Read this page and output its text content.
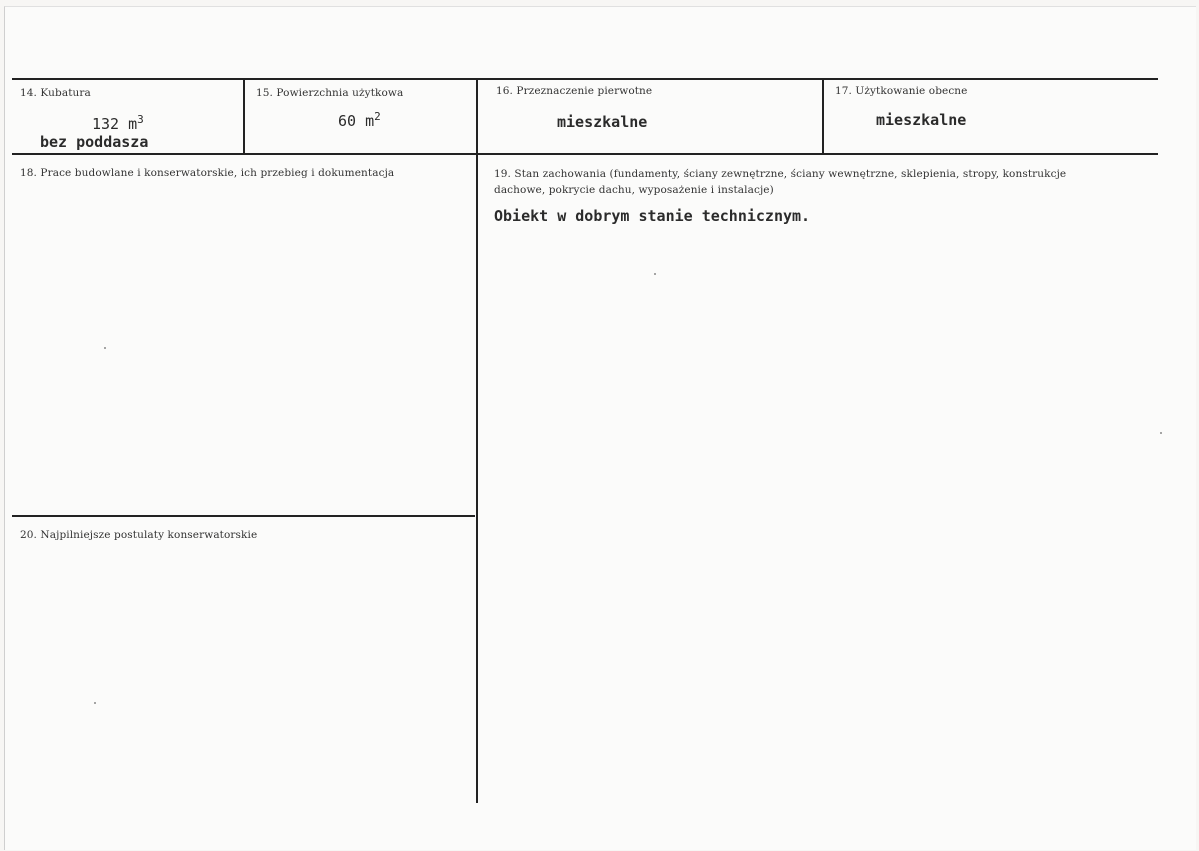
14. Kubatura
132 $m^3$
bez poddasza
15. Powierzchnia użytkowa
60 $m^2$
16. Przeznaczenie pierwotne
mieszkalne
17. Użytkowanie obecne
mieszkalne
18. Prace budowlane i konserwatorskie, ich przebieg i dokumentacja	19. Stan zachowania (fundamenty, ściany zewnętrzne, ściany wewnętrzne, sklepienia, stropy, konstrukcje dachowe, pokrycie dachu, wyposażenie i instalacje)
Obiekt w dobrym stanie technicznym.
20. Najpilniejsze postulaty konserwatorskie
